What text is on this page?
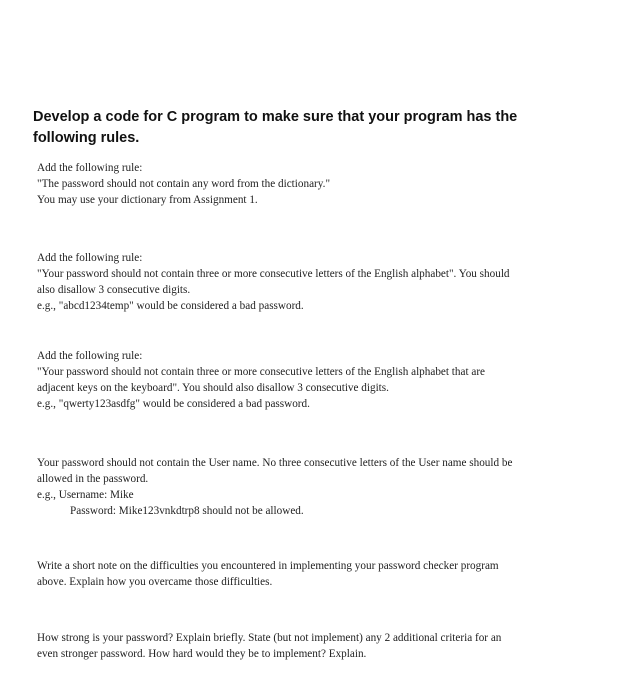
Develop a code for C program to make sure that your program has the
following rules.
Add the following rule:
"The password should not contain any word from the dictionary."
You may use your dictionary from Assignment 1.
Add the following rule:
"Your password should not contain three or more consecutive letters of the English alphabet". You should
also disallow 3 consecutive digits.
e.g., "abcd1234temp" would be considered a bad password.
Add the following rule:
"Your password should not contain three or more consecutive letters of the English alphabet that are
adjacent keys on the keyboard". You should also disallow 3 consecutive digits.
e.g., "qwerty123asdfg" would be considered a bad password.
Your password should not contain the User name. No three consecutive letters of the User name should be
allowed in the password.
e.g., Username: Mike
Password: Mike123vnkdtrp8 should not be allowed.
Write a short note on the difficulties you encountered in implementing your password checker program
above. Explain how you overcame those difficulties.
How strong is your password? Explain briefly. State (but not implement) any 2 additional criteria for an
even stronger password. How hard would they be to implement? Explain.
